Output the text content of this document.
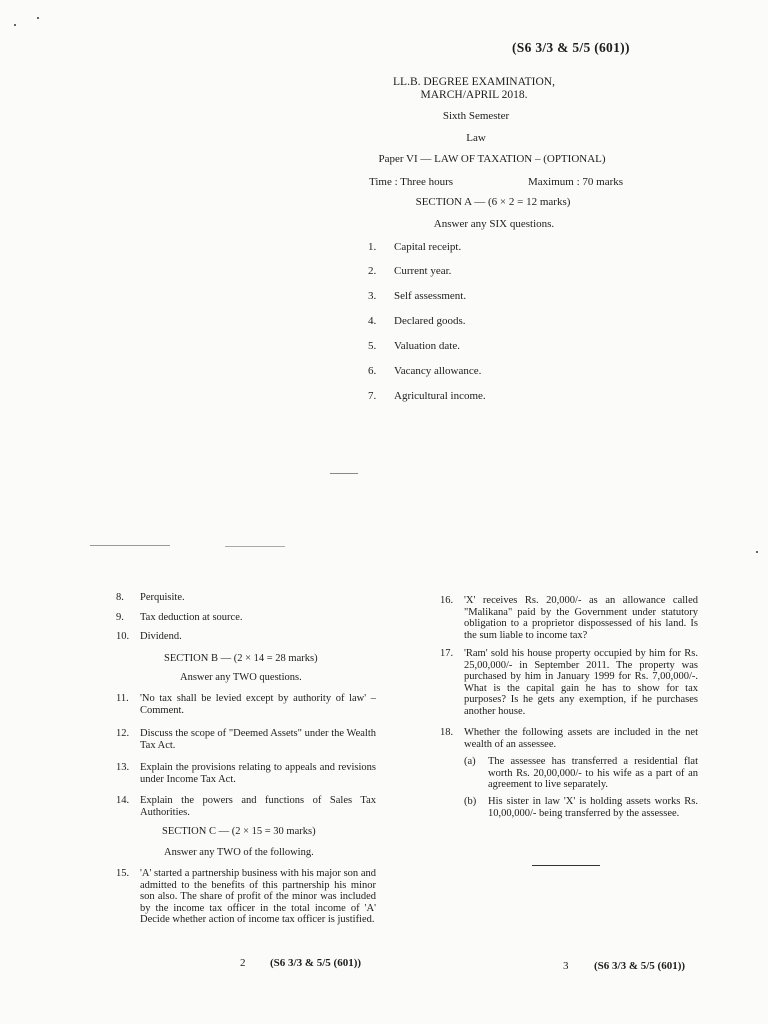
(S6 3/3 & 5/5 (601))
LL.B. DEGREE EXAMINATION,
MARCH/APRIL 2018.
Sixth Semester
Law
Paper VI — LAW OF TAXATION – (OPTIONAL)
Time : Three hours	Maximum : 70 marks
SECTION A — (6 × 2 = 12 marks)
Answer any SIX questions.
1. Capital receipt.
2. Current year.
3. Self assessment.
4. Declared goods.
5. Valuation date.
6. Vacancy allowance.
7. Agricultural income.
8. Perquisite.
9. Tax deduction at source.
10. Dividend.
SECTION B — (2 × 14 = 28 marks)
Answer any TWO questions.
11. 'No tax shall be levied except by authority of law' – Comment.
12. Discuss the scope of "Deemed Assets" under the Wealth Tax Act.
13. Explain the provisions relating to appeals and revisions under Income Tax Act.
14. Explain the powers and functions of Sales Tax Authorities.
SECTION C — (2 × 15 = 30 marks)
Answer any TWO of the following.
15. 'A' started a partnership business with his major son and admitted to the benefits of this partnership his minor son also. The share of profit of the minor was included by the income tax officer in the total income of 'A' Decide whether action of income tax officer is justified.
16. 'X' receives Rs. 20,000/- as an allowance called "Malikana" paid by the Government under statutory obligation to a proprietor dispossessed of his land. Is the sum liable to income tax?
17. 'Ram' sold his house property occupied by him for Rs. 25,00,000/- in September 2011. The property was purchased by him in January 1999 for Rs. 7,00,000/-. What is the capital gain he has to show for tax purposes? Is he gets any exemption, if he purchases another house.
18. Whether the following assets are included in the net wealth of an assessee.
(a) The assessee has transferred a residential flat worth Rs. 20,00,000/- to his wife as a part of an agreement to live separately.
(b) His sister in law 'X' is holding assets works Rs. 10,00,000/- being transferred by the assessee.
2 (S6 3/3 & 5/5 (601))	3 (S6 3/3 & 5/5 (601))
